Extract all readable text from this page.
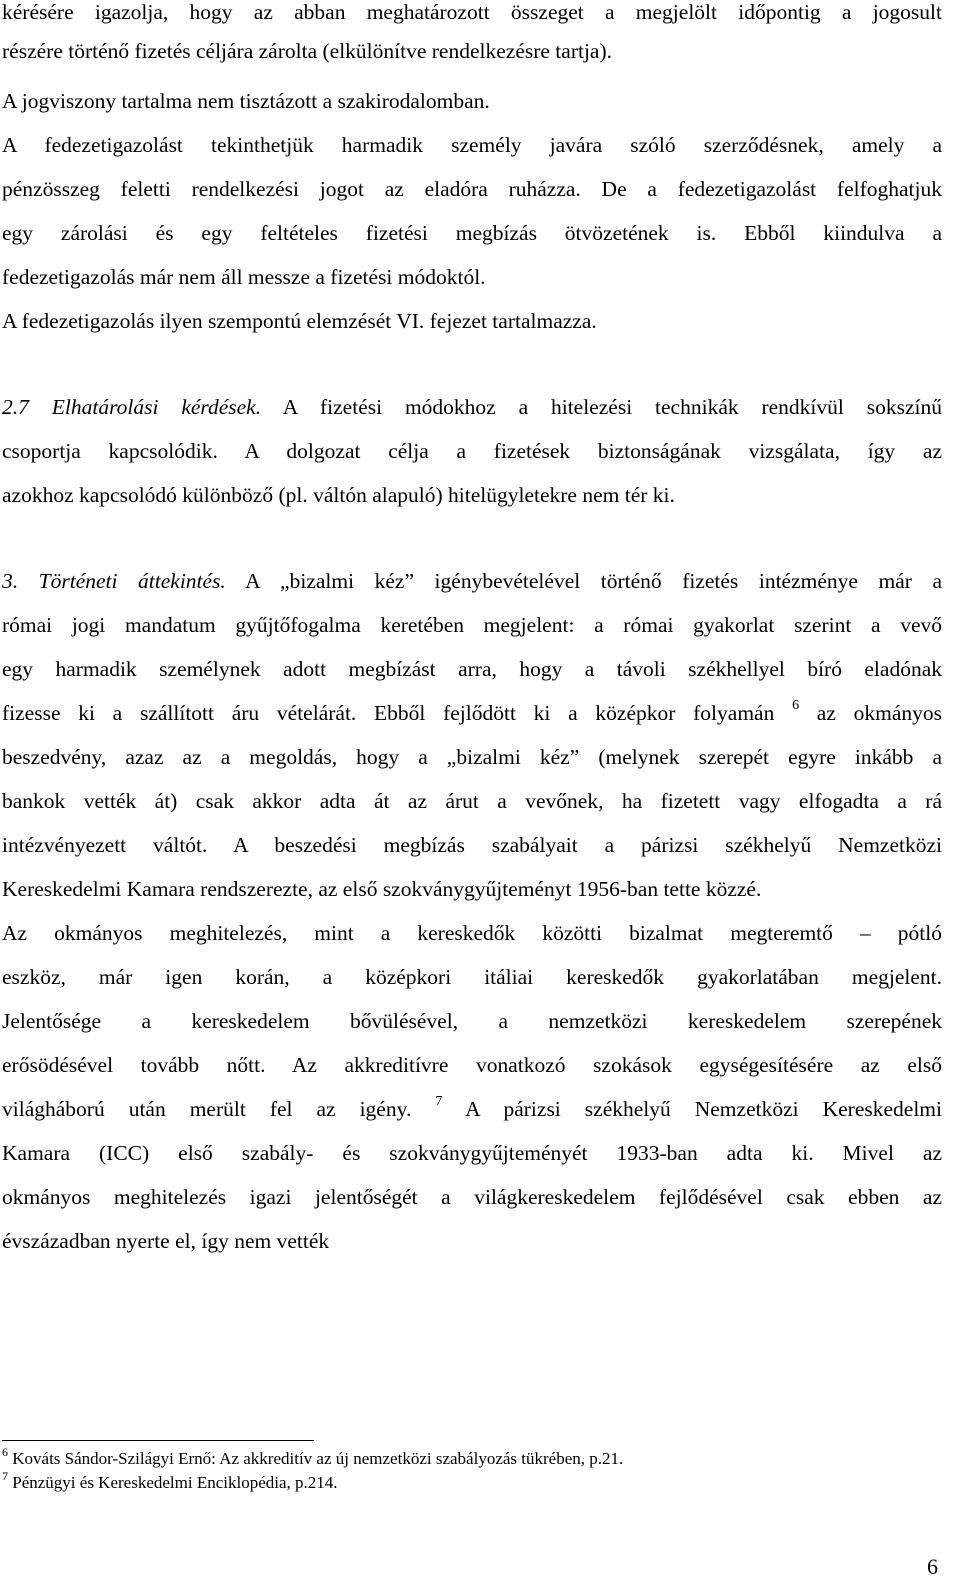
kérésére igazolja, hogy az abban meghatározott összeget a megjelölt időpontig a jogosult
részére történő fizetés céljára zárolta (elkülönítve rendelkezésre tartja).
A jogviszony tartalma nem tisztázott a szakirodalomban.
A fedezetigazolást tekinthetjük harmadik személy javára szóló szerződésnek, amely a
pénzösszeg feletti rendelkezési jogot az eladóra ruházza. De a fedezetigazolást felfoghatjuk
egy zárolási és egy feltételes fizetési megbízás ötvözetének is. Ebből kiindulva a
fedezetigazolás már nem áll messze a fizetési módoktól.
A fedezetigazolás ilyen szempontú elemzését VI. fejezet tartalmazza.
2.7 Elhatárolási kérdések. A fizetési módokhoz a hitelezési technikák rendkívül sokszínű
csoportja kapcsolódik. A dolgozat célja a fizetések biztonságának vizsgálata, így az
azokhoz kapcsolódó különböző (pl. váltón alapuló) hitelügyletekre nem tér ki.
3. Történeti áttekintés. A „bizalmi kéz” igénybevételével történő fizetés intézménye már a
római jogi mandatum gyűjtőfogalma keretében megjelent: a római gyakorlat szerint a vevő
egy harmadik személynek adott megbízást arra, hogy a távoli székhellyel bíró eladónak
fizesse ki a szállított áru vételárát. Ebből fejlődött ki a középkor folyamán $^6$ az okmányos
beszedvény, azaz az a megoldás, hogy a „bizalmi kéz” (melynek szerepét egyre inkább a
bankok vették át) csak akkor adta át az árut a vevőnek, ha fizetett vagy elfogadta a rá
intézvényezett váltót. A beszedési megbízás szabályait a párizsi székhelyű Nemzetközi
Kereskedelmi Kamara rendszerezte, az első szokványgyűjteményt 1956-ban tette közzé.
Az okmányos meghitelezés, mint a kereskedők közötti bizalmat megteremtő – pótló
eszköz, már igen korán, a középkori itáliai kereskedők gyakorlatában megjelent.
Jelentősége a kereskedelem bővülésével, a nemzetközi kereskedelem szerepének
erősödésével tovább nőtt. Az akkreditívre vonatkozó szokások egységesítésére az első
világháború után merült fel az igény. $^7$ A párizsi székhelyű Nemzetközi Kereskedelmi
Kamara (ICC) első szabály- és szokványgyűjteményét 1933-ban adta ki. Mivel az
okmányos meghitelezés igazi jelentőségét a világkereskedelem fejlődésével csak ebben az
évszázadban nyerte el, így nem vették
$^6$ Kováts Sándor-Szilágyi Ernő: Az akkreditív az új nemzetközi szabályozás tükrében, p.21.
$^7$ Pénzügyi és Kereskedelmi Enciklopédia, p.214.
6
